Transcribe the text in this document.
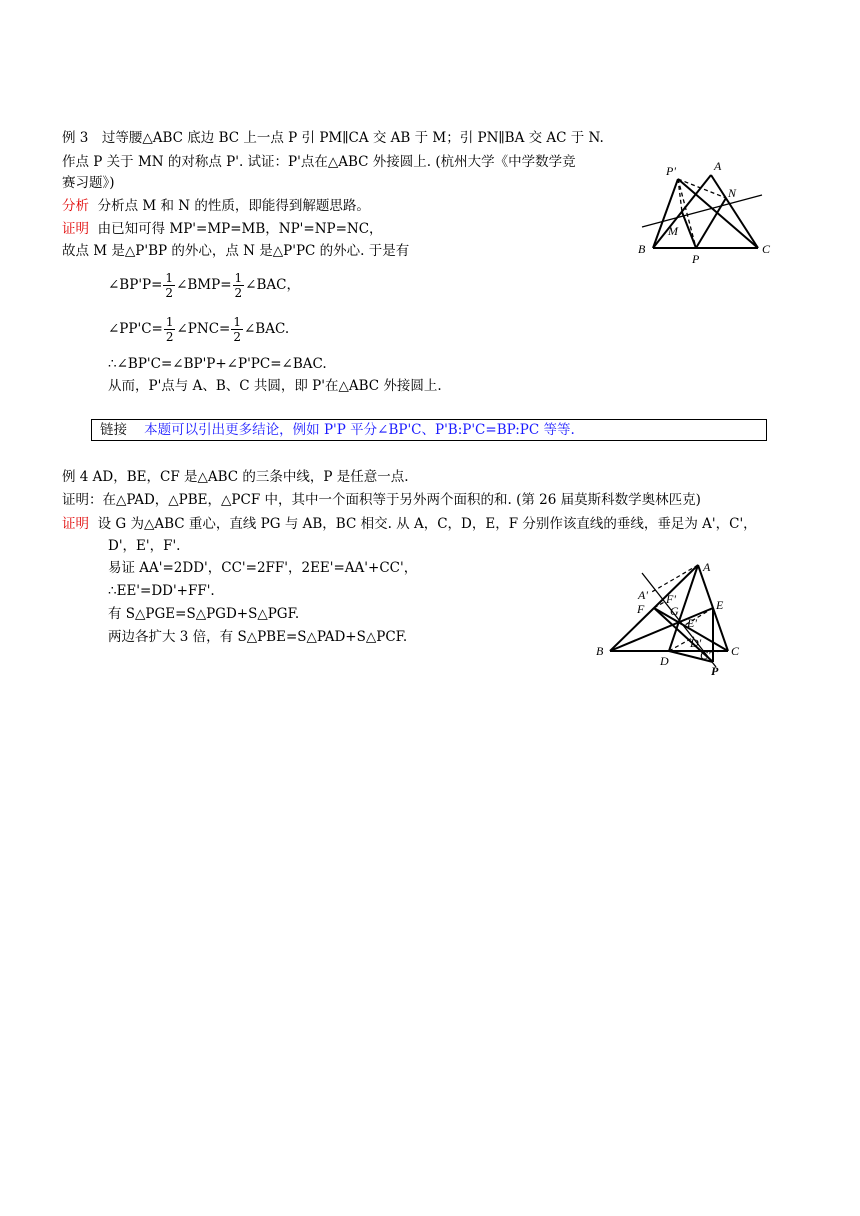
例 3　过等腰△ABC 底边 BC 上一点 P 引 PM∥CA 交 AB 于 M；引 PN∥BA 交 AC 于 N.
作点 P 关于 MN 的对称点 P'. 试证：P'点在△ABC 外接圆上. (杭州大学《中学数学竞
赛习题》)
分析 分析点 M 和 N 的性质，即能得到解题思路。
证明 由已知可得 MP'=MP=MB，NP'=NP=NC，
故点 M 是△P'BP 的外心，点 N 是△P'PC 的外心. 于是有
∠BP'P= $\frac{1}{2}$ ∠BMP= $\frac{1}{2}$ ∠BAC，
∠PP'C= $\frac{1}{2}$ ∠PNC= $\frac{1}{2}$ ∠BAC.
∴∠BP'C=∠BP'P+∠P'PC=∠BAC.
从而，P'点与 A、B、C 共圆，即 P'在△ABC 外接圆上.
链接 本题可以引出更多结论，例如 P'P 平分∠BP'C、P'B:P'C=BP:PC 等等.
P'	A
N
M
B
P
C
例 4 AD，BE，CF 是△ABC 的三条中线，P 是任意一点.
证明：在△PAD，△PBE，△PCF 中，其中一个面积等于另外两个面积的和. (第 26 届莫斯科数学奥林匹克)
证明 设 G 为△ABC 重心，直线 PG 与 AB，BC 相交. 从 A，C，D，E，F 分别作该直线的垂线，垂足为 A'，C'，
D'，E'，F'.
易证 AA'=2DD'，CC'=2FF'，2EE'=AA'+CC'，
∴EE'=DD'+FF'.
有 S△PGE=S△PGD+S△PGF.
两边各扩大 3 倍，有 S△PBE=S△PAD+S△PCF.
A
A'
F
F'
G	E
E'
D'
B
D	C' C
P
